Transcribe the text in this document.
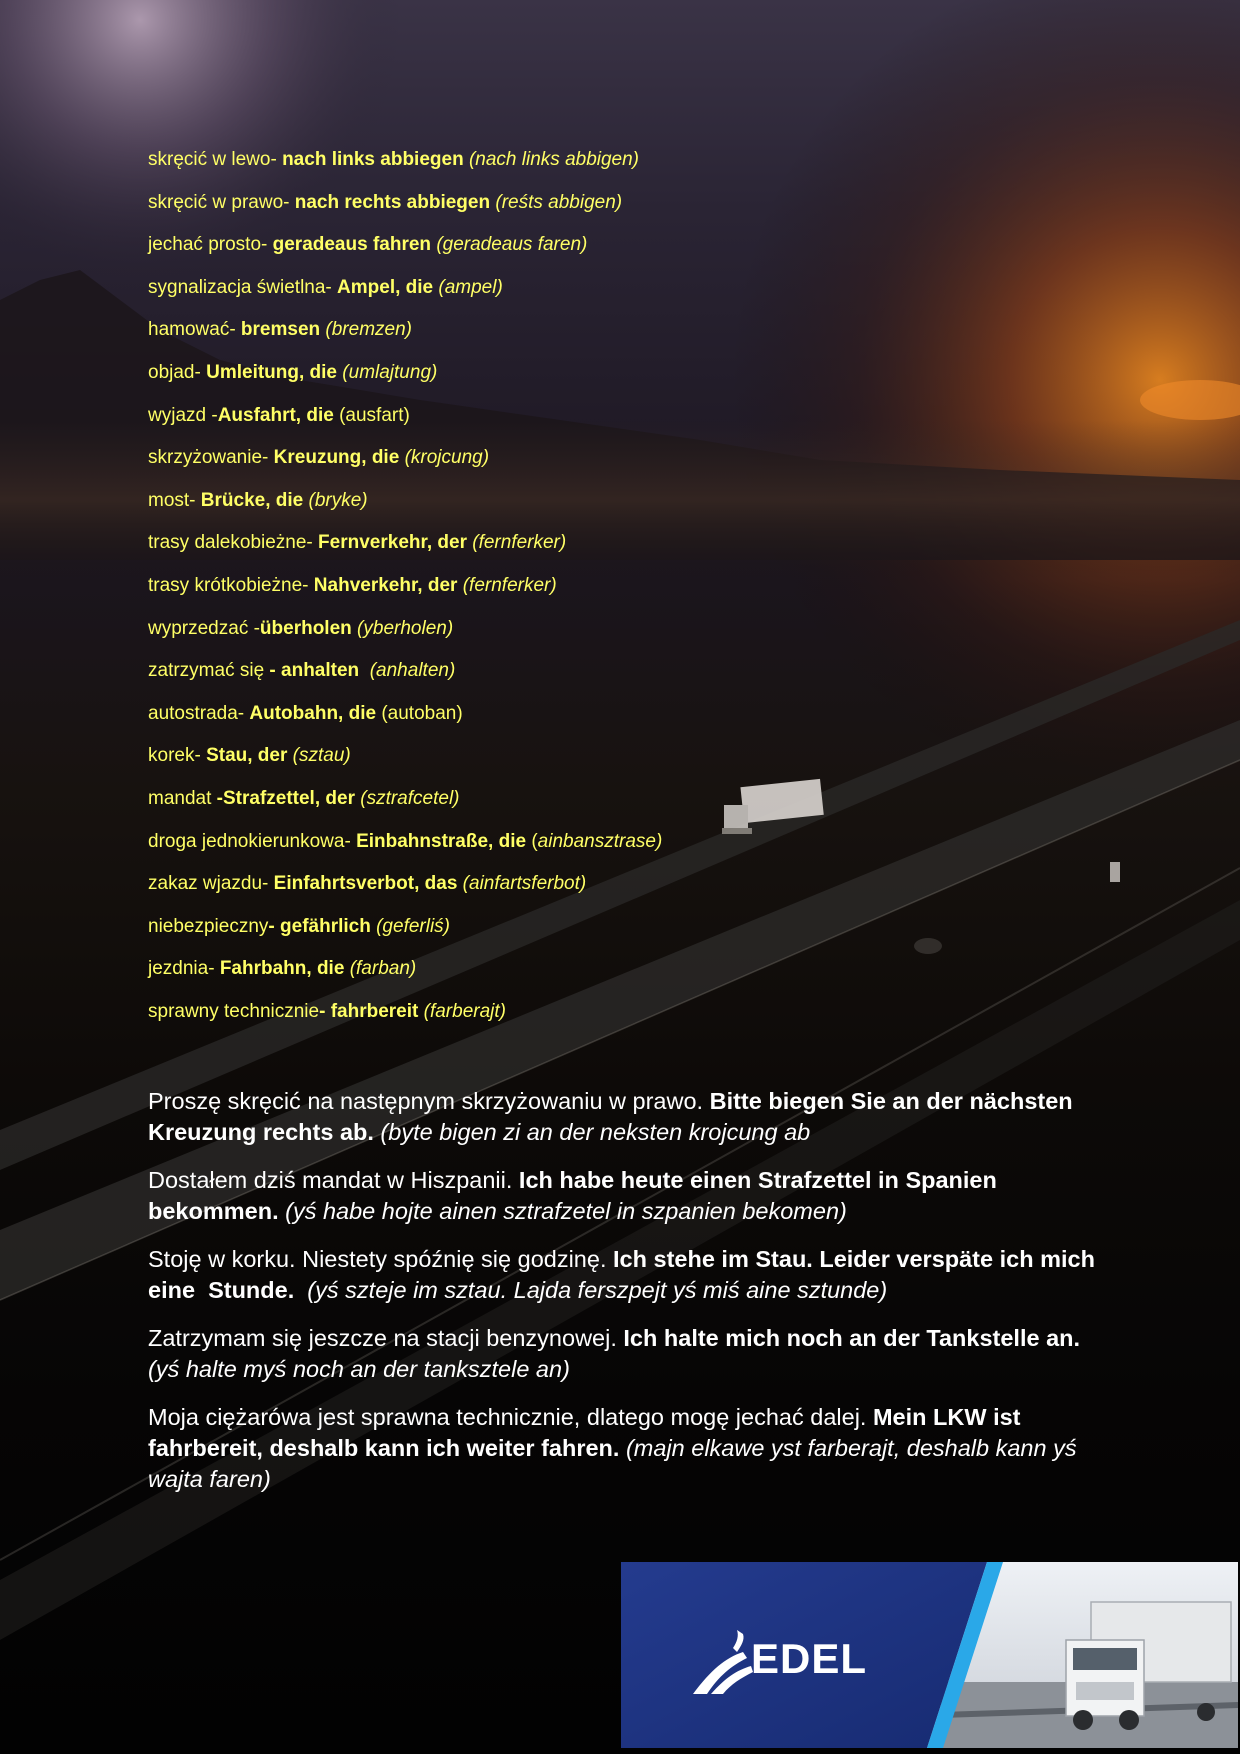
skręcić w lewo- nach links abbiegen (nach links abbigen)
skręcić w prawo- nach rechts abbiegen (reśts abbigen)
jechać prosto- geradeaus fahren (geradeaus faren)
sygnalizacja świetlna- Ampel, die (ampel)
hamować- bremsen (bremzen)
objad- Umleitung, die (umlajtung)
wyjazd -Ausfahrt, die (ausfart)
skrzyżowanie- Kreuzung, die (krojcung)
most- Brücke, die (bryke)
trasy dalekobieżne- Fernverkehr, der (fernferker)
trasy krótkobieżne- Nahverkehr, der (fernferker)
wyprzedzać -überholen (yberholen)
zatrzymać się - anhalten (anhalten)
autostrada- Autobahn, die (autoban)
korek- Stau, der (sztau)
mandat -Strafzettel, der (sztrafcetel)
droga jednokierunkowa- Einbahnstraße, die (ainbansztrase)
zakaz wjazdu- Einfahrtsverbot, das (ainfartsferbot)
niebezpieczny- gefährlich (geferliś)
jezdnia- Fahrbahn, die (farban)
sprawny technicznie- fahrbereit (farberajt)

Proszę skręcić na następnym skrzyżowaniu w prawo. Bitte biegen Sie an der nächsten Kreuzung rechts ab. (byte bigen zi an der neksten krojcung ab

Dostałem dziś mandat w Hiszpanii. Ich habe heute einen Strafzettel in Spanien bekommen. (yś habe hojte ainen sztrafzetel in szpanien bekomen)

Stoję w korku. Niestety spóźnię się godzinę. Ich stehe im Stau. Leider verspäte ich mich eine  Stunde.  (yś szteje im sztau. Lajda ferszpejt yś miś aine sztunde)

Zatrzymam się jeszcze na stacji benzynowej. Ich halte mich noch an der Tankstelle an. (yś halte myś noch an der tanksztele an)

Moja ciężarówa jest sprawna technicznie, dlatego mogę jechać dalej. Mein LKW ist fahrbereit, deshalb kann ich weiter fahren. (majn elkawe yst farberajt, deshalb kann yś wajta faren)

EDEL
